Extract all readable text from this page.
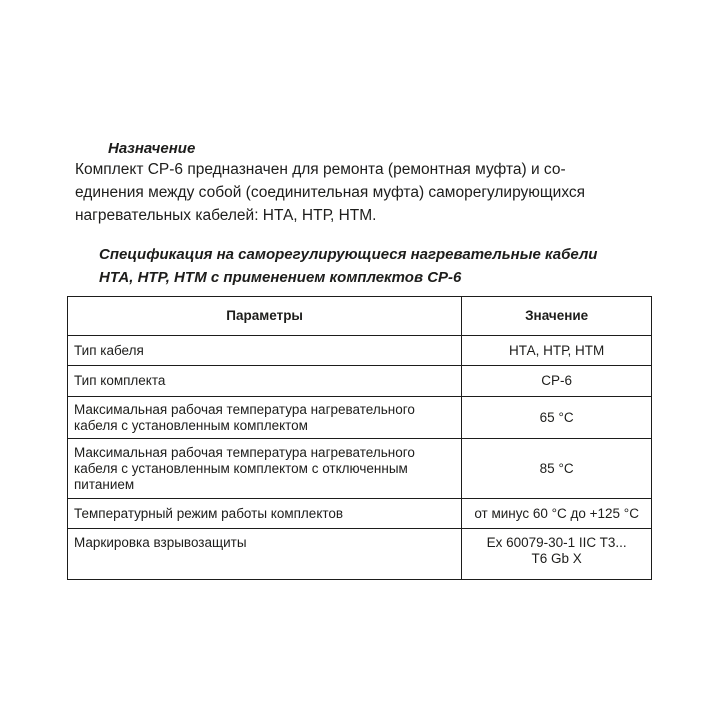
Назначение

Комплект СР-6 предназначен для ремонта (ремонтная муфта) и со-
единения между собой (соединительная муфта) саморегулирующихся
нагревательных кабелей: НТА, НТР, НТМ.

Спецификация на саморегулирующиеся нагревательные кабели
НТА, НТР, НТМ с применением комплектов СР-6

Параметры	Значение
Тип кабеля	НТА, НТР, НТМ
Тип комплекта	СР-6

Максимальная рабочая температура нагревательного
кабеля с установленным комплектом	65 °С

Максимальная рабочая температура нагревательного
кабеля с установленным комплектом с отключенным
питанием	85 °С
Температурный режим работы комплектов	от минус 60 °С до +125 °С
Маркировка взрывозащиты	Ex 60079-30-1 IIC T3...
T6 Gb X
